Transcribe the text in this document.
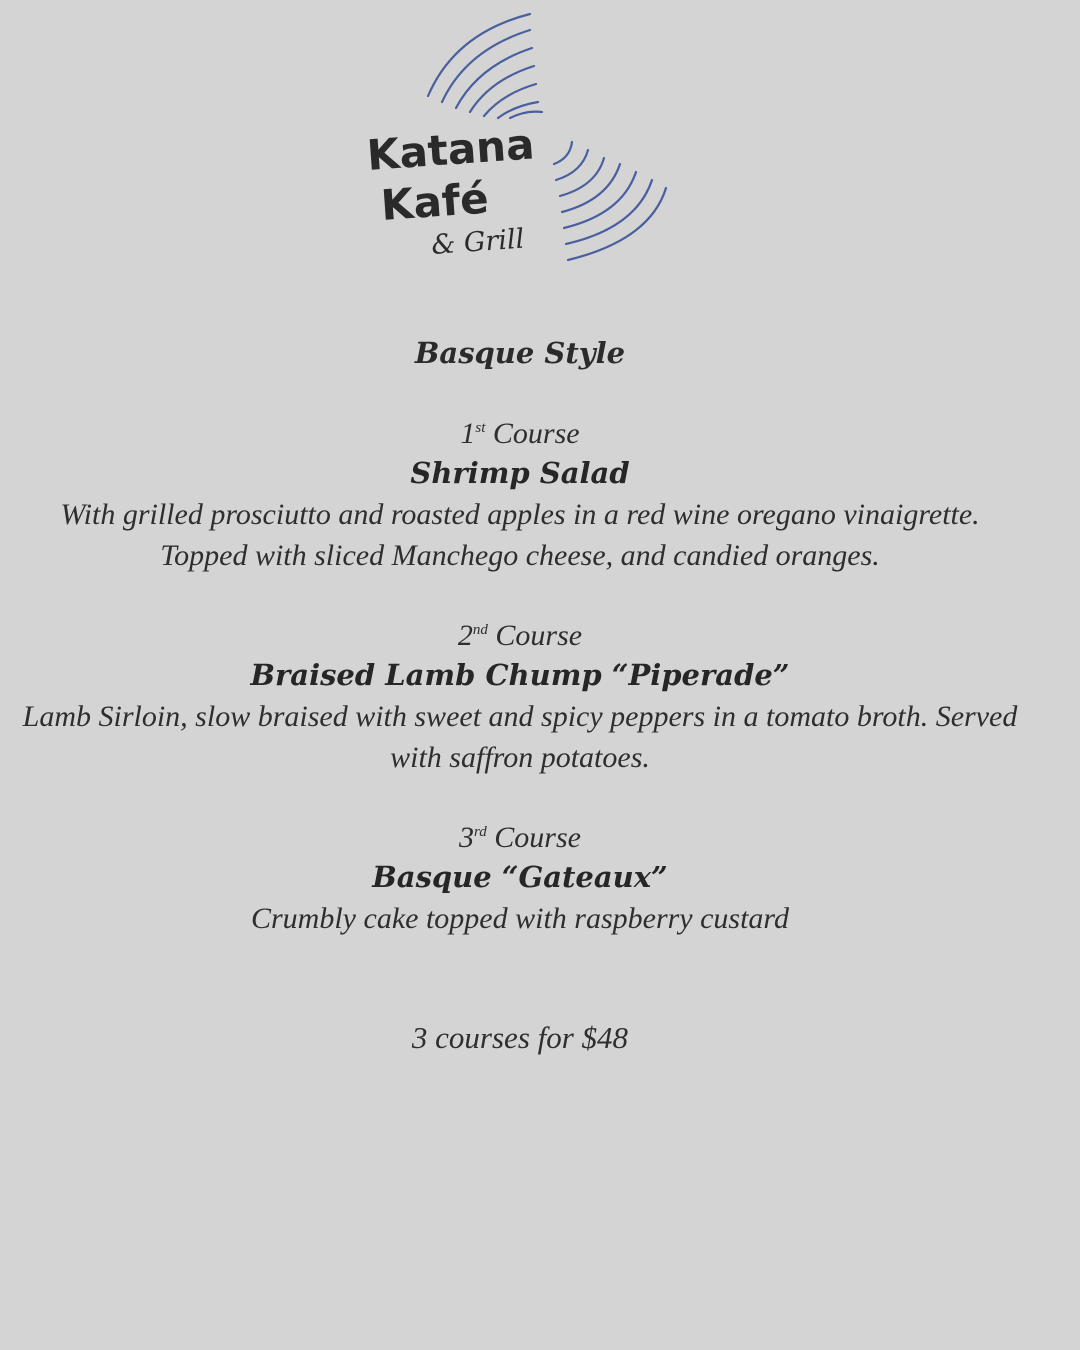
Katana
Kafé
& Grill
Basque Style
1st Course
Shrimp Salad
With grilled prosciutto and roasted apples in a red wine oregano vinaigrette.
Topped with sliced Manchego cheese, and candied oranges.
2nd Course
Braised Lamb Chump “Piperade”
Lamb Sirloin, slow braised with sweet and spicy peppers in a tomato broth. Served
with saffron potatoes.
3rd Course
Basque “Gateaux”
Crumbly cake topped with raspberry custard
3 courses for $48
